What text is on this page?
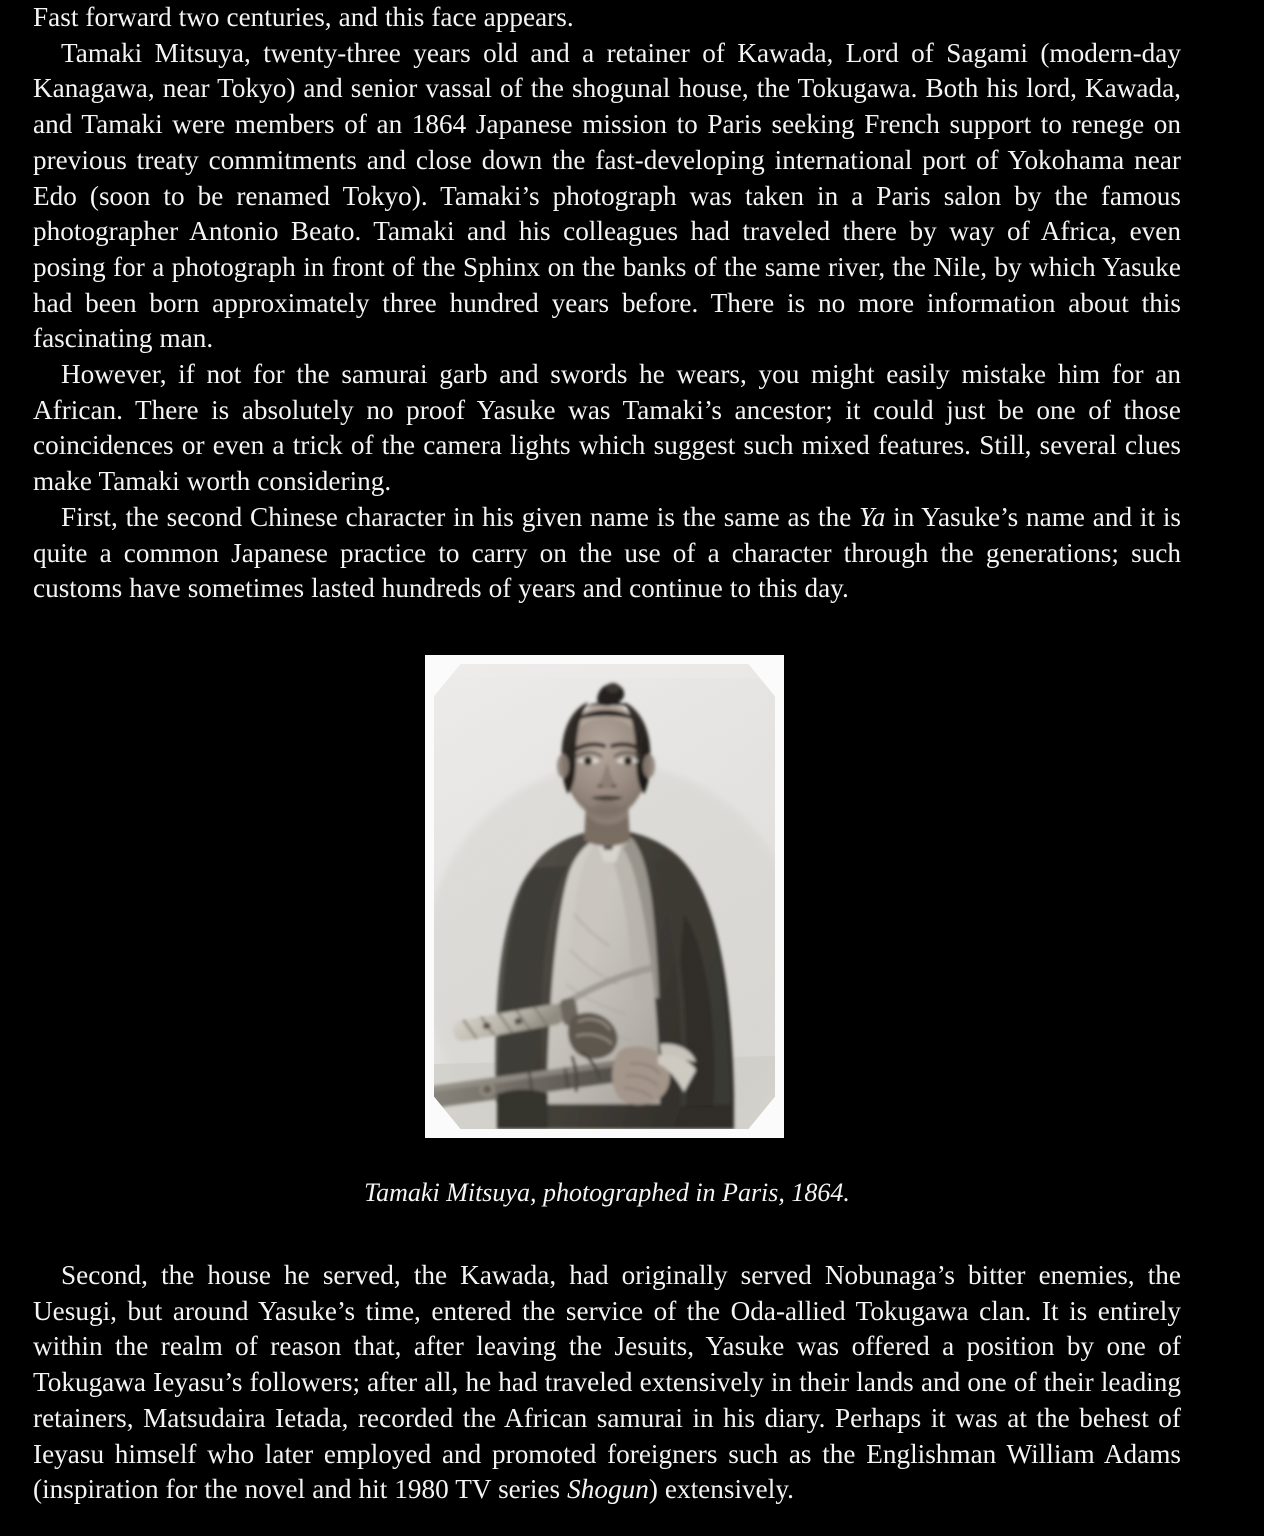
Fast forward two centuries, and this face appears.

Tamaki Mitsuya, twenty-three years old and a retainer of Kawada, Lord of Sagami (modern-day Kanagawa, near Tokyo) and senior vassal of the shogunal house, the Tokugawa. Both his lord, Kawada, and Tamaki were members of an 1864 Japanese mission to Paris seeking French support to renege on previous treaty commitments and close down the fast-developing international port of Yokohama near Edo (soon to be renamed Tokyo). Tamaki’s photograph was taken in a Paris salon by the famous photographer Antonio Beato. Tamaki and his colleagues had traveled there by way of Africa, even posing for a photograph in front of the Sphinx on the banks of the same river, the Nile, by which Yasuke had been born approximately three hundred years before. There is no more information about this fascinating man.

However, if not for the samurai garb and swords he wears, you might easily mistake him for an African. There is absolutely no proof Yasuke was Tamaki’s ancestor; it could just be one of those coincidences or even a trick of the camera lights which suggest such mixed features. Still, several clues make Tamaki worth considering.

First, the second Chinese character in his given name is the same as the Ya in Yasuke’s name and it is quite a common Japanese practice to carry on the use of a character through the generations; such customs have sometimes lasted hundreds of years and continue to this day.

Tamaki Mitsuya, photographed in Paris, 1864.

Second, the house he served, the Kawada, had originally served Nobunaga’s bitter enemies, the Uesugi, but around Yasuke’s time, entered the service of the Oda-allied Tokugawa clan. It is entirely within the realm of reason that, after leaving the Jesuits, Yasuke was offered a position by one of Tokugawa Ieyasu’s followers; after all, he had traveled extensively in their lands and one of their leading retainers, Matsudaira Ietada, recorded the African samurai in his diary. Perhaps it was at the behest of Ieyasu himself who later employed and promoted foreigners such as the Englishman William Adams (inspiration for the novel and hit 1980 TV series Shogun) extensively.
